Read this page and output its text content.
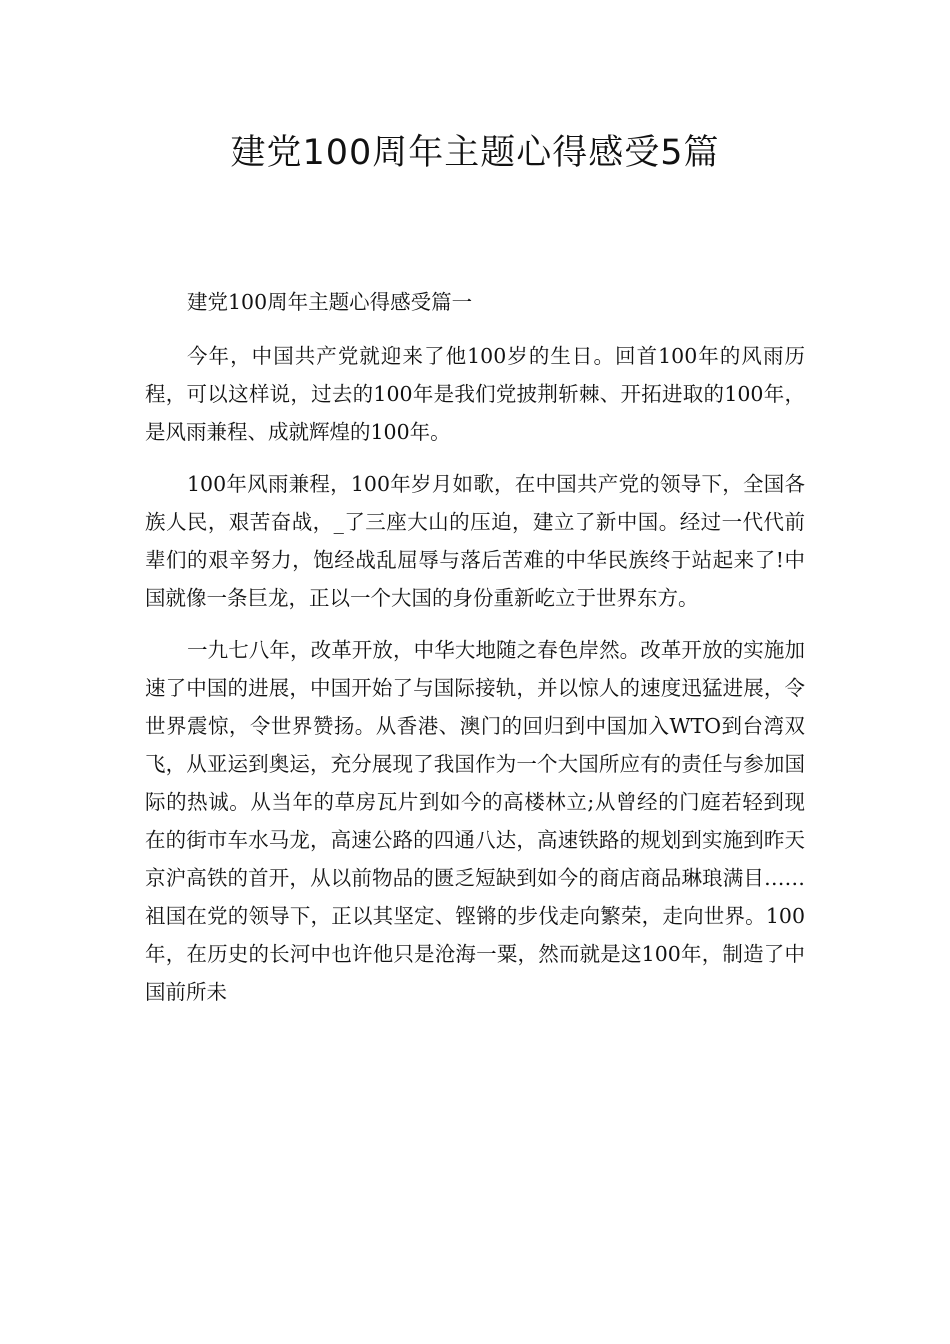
建党100周年主题心得感受5篇

建党100周年主题心得感受篇一

今年，中国共产党就迎来了他100岁的生日。回首100年的风雨历程，可以这样说，过去的100年是我们党披荆斩棘、开拓进取的100年，是风雨兼程、成就辉煌的100年。

100年风雨兼程，100年岁月如歌，在中国共产党的领导下，全国各族人民，艰苦奋战，_了三座大山的压迫，建立了新中国。经过一代代前辈们的艰辛努力，饱经战乱屈辱与落后苦难的中华民族终于站起来了!中国就像一条巨龙，正以一个大国的身份重新屹立于世界东方。

一九七八年，改革开放，中华大地随之春色岸然。改革开放的实施加速了中国的进展，中国开始了与国际接轨，并以惊人的速度迅猛进展，令世界震惊，令世界赞扬。从香港、澳门的回归到中国加入WTO到台湾双飞，从亚运到奥运，充分展现了我国作为一个大国所应有的责任与参加国际的热诚。从当年的草房瓦片到如今的高楼林立;从曾经的门庭若轻到现在的街市车水马龙，高速公路的四通八达，高速铁路的规划到实施到昨天京沪高铁的首开，从以前物品的匮乏短缺到如今的商店商品琳琅满目……祖国在党的领导下，正以其坚定、铿锵的步伐走向繁荣，走向世界。100年，在历史的长河中也许他只是沧海一粟，然而就是这100年，制造了中国前所未
